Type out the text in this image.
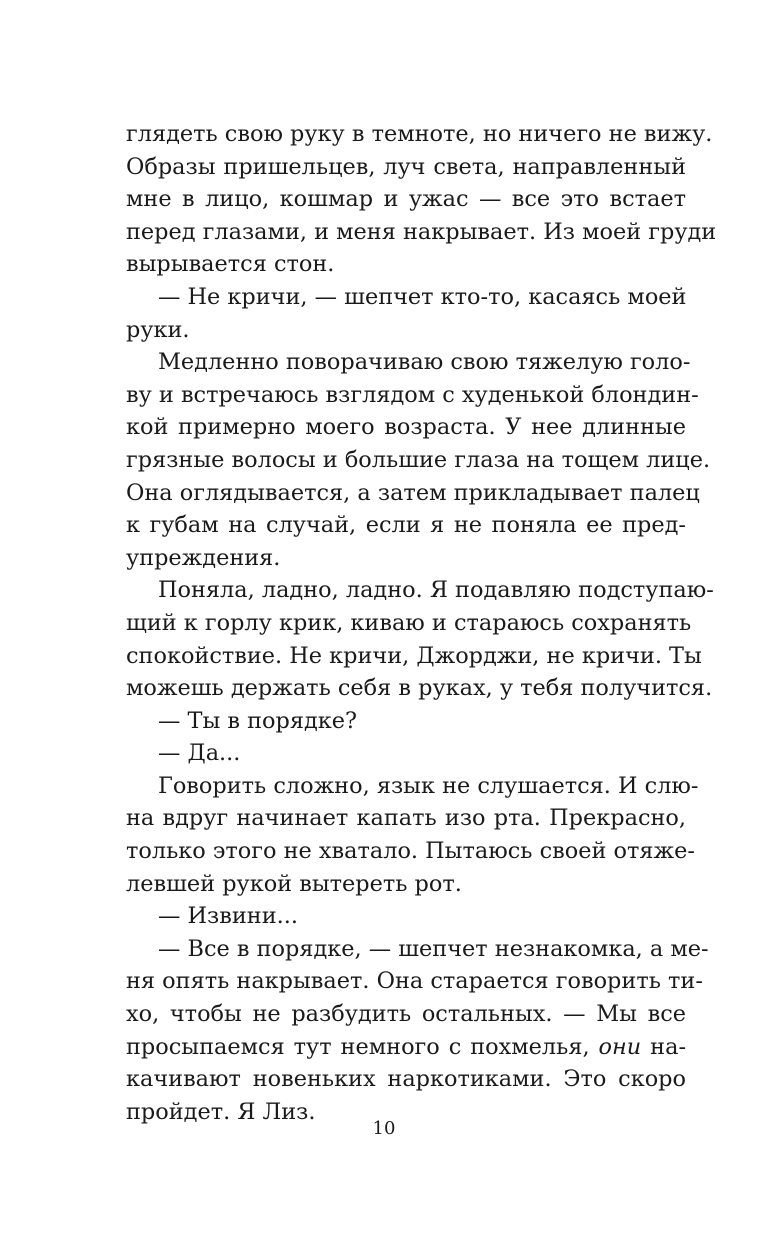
глядеть свою руку в темноте, но ничего не вижу.
Образы пришельцев, луч света, направленный
мне в лицо, кошмар и ужас — все это встает
перед глазами, и меня накрывает. Из моей груди
вырывается стон.
— Не кричи, — шепчет кто-то, касаясь моей
руки.
Медленно поворачиваю свою тяжелую голо-
ву и встречаюсь взглядом с худенькой блондин-
кой примерно моего возраста. У нее длинные
грязные волосы и большие глаза на тощем лице.
Она оглядывается, а затем прикладывает палец
к губам на случай, если я не поняла ее пред-
упреждения.
Поняла, ладно, ладно. Я подавляю подступаю-
щий к горлу крик, киваю и стараюсь сохранять
спокойствие. Не кричи, Джорджи, не кричи. Ты
можешь держать себя в руках, у тебя получится.
— Ты в порядке?
— Да...
Говорить сложно, язык не слушается. И слю-
на вдруг начинает капать изо рта. Прекрасно,
только этого не хватало. Пытаюсь своей отяже-
левшей рукой вытереть рот.
— Извини...
— Все в порядке, — шепчет незнакомка, а ме-
ня опять накрывает. Она старается говорить ти-
хо, чтобы не разбудить остальных. — Мы все
просыпаемся тут немного с похмелья, они на-
качивают новеньких наркотиками. Это скоро
пройдет. Я Лиз.
10
